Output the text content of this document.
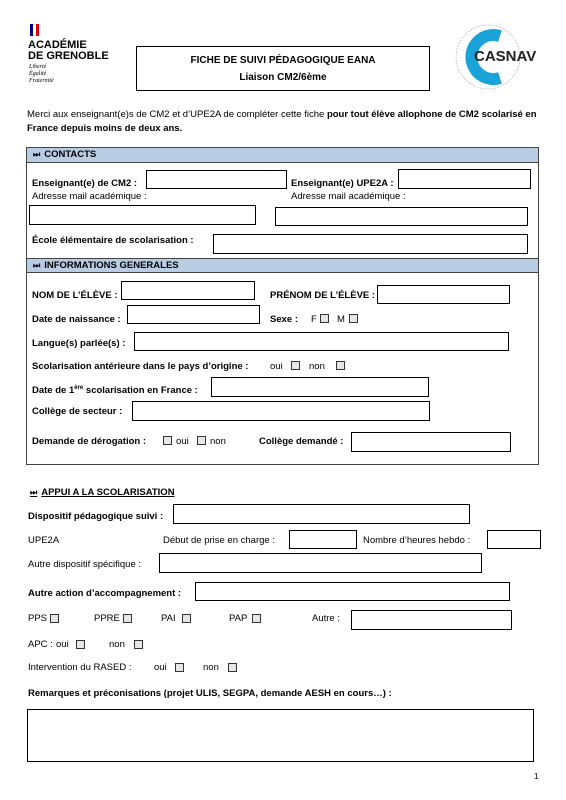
ACADÉMIE
DE GRENOBLE
Liberté
Égalité
Fraternité
FICHE DE SUIVI PÉDAGOGIQUE EANA
Liaison CM2/6ème
CASNAV
Merci aux enseignant(e)s de CM2 et d’UPE2A de compléter cette fiche pour tout élève allophone de CM2 scolarisé en France depuis moins de deux ans.
⏭ CONTACTS
Enseignant(e) de CM2 :	Enseignant(e) UPE2A :
Adresse mail académique :	Adresse mail académique :
École élémentaire de scolarisation :
⏭ INFORMATIONS GENERALES
NOM DE L’ÉLÈVE :	PRÉNOM DE L’ÉLÈVE :
Date de naissance :	Sexe : F M
Langue(s) parlée(s) :
Scolarisation antérieure dans le pays d’origine : oui	non
Date de 1ère scolarisation en France :
Collège de secteur :
Demande de dérogation :	oui non	Collège demandé :
⏭ APPUI A LA SCOLARISATION
Dispositif pédagogique suivi :
UPE2A	Début de prise en charge :	Nombre d’heures hebdo :
Autre dispositif spécifique :
Autre action d’accompagnement :
PPS	PPRE	PAI	PAP	Autre :
APC : oui	non
Intervention du RASED : oui	non
Remarques et préconisations (projet ULIS, SEGPA, demande AESH en cours…) :
1
